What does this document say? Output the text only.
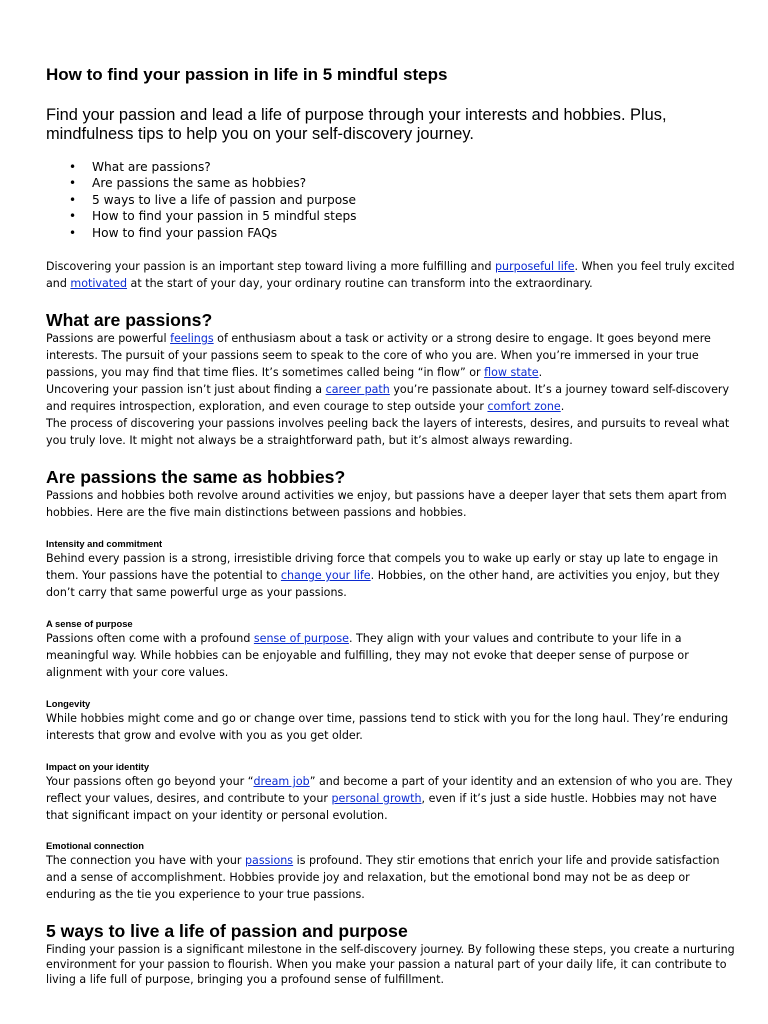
How to find your passion in life in 5 mindful steps

Find your passion and lead a life of purpose through your interests and hobbies. Plus, mindfulness tips to help you on your self-discovery journey.

• What are passions?
• Are passions the same as hobbies?
• 5 ways to live a life of passion and purpose
• How to find your passion in 5 mindful steps
• How to find your passion FAQs

Discovering your passion is an important step toward living a more fulfilling and purposeful life. When you feel truly excited and motivated at the start of your day, your ordinary routine can transform into the extraordinary.

What are passions?

Passions are powerful feelings of enthusiasm about a task or activity or a strong desire to engage. It goes beyond mere interests. The pursuit of your passions seem to speak to the core of who you are. When you’re immersed in your true passions, you may find that time flies. It’s sometimes called being “in flow” or flow state.

Uncovering your passion isn’t just about finding a career path you’re passionate about. It’s a journey toward self-discovery and requires introspection, exploration, and even courage to step outside your comfort zone.

The process of discovering your passions involves peeling back the layers of interests, desires, and pursuits to reveal what you truly love. It might not always be a straightforward path, but it’s almost always rewarding.

Are passions the same as hobbies?

Passions and hobbies both revolve around activities we enjoy, but passions have a deeper layer that sets them apart from hobbies. Here are the five main distinctions between passions and hobbies.

Intensity and commitment

Behind every passion is a strong, irresistible driving force that compels you to wake up early or stay up late to engage in them. Your passions have the potential to change your life. Hobbies, on the other hand, are activities you enjoy, but they don’t carry that same powerful urge as your passions.

A sense of purpose

Passions often come with a profound sense of purpose. They align with your values and contribute to your life in a meaningful way. While hobbies can be enjoyable and fulfilling, they may not evoke that deeper sense of purpose or alignment with your core values.

Longevity

While hobbies might come and go or change over time, passions tend to stick with you for the long haul. They’re enduring interests that grow and evolve with you as you get older.

Impact on your identity

Your passions often go beyond your “dream job” and become a part of your identity and an extension of who you are. They reflect your values, desires, and contribute to your personal growth, even if it’s just a side hustle. Hobbies may not have that significant impact on your identity or personal evolution.

Emotional connection

The connection you have with your passions is profound. They stir emotions that enrich your life and provide satisfaction and a sense of accomplishment. Hobbies provide joy and relaxation, but the emotional bond may not be as deep or enduring as the tie you experience to your true passions.

5 ways to live a life of passion and purpose

Finding your passion is a significant milestone in the self-discovery journey. By following these steps, you create a nurturing environment for your passion to flourish. When you make your passion a natural part of your daily life, it can contribute to living a life full of purpose, bringing you a profound sense of fulfillment.
